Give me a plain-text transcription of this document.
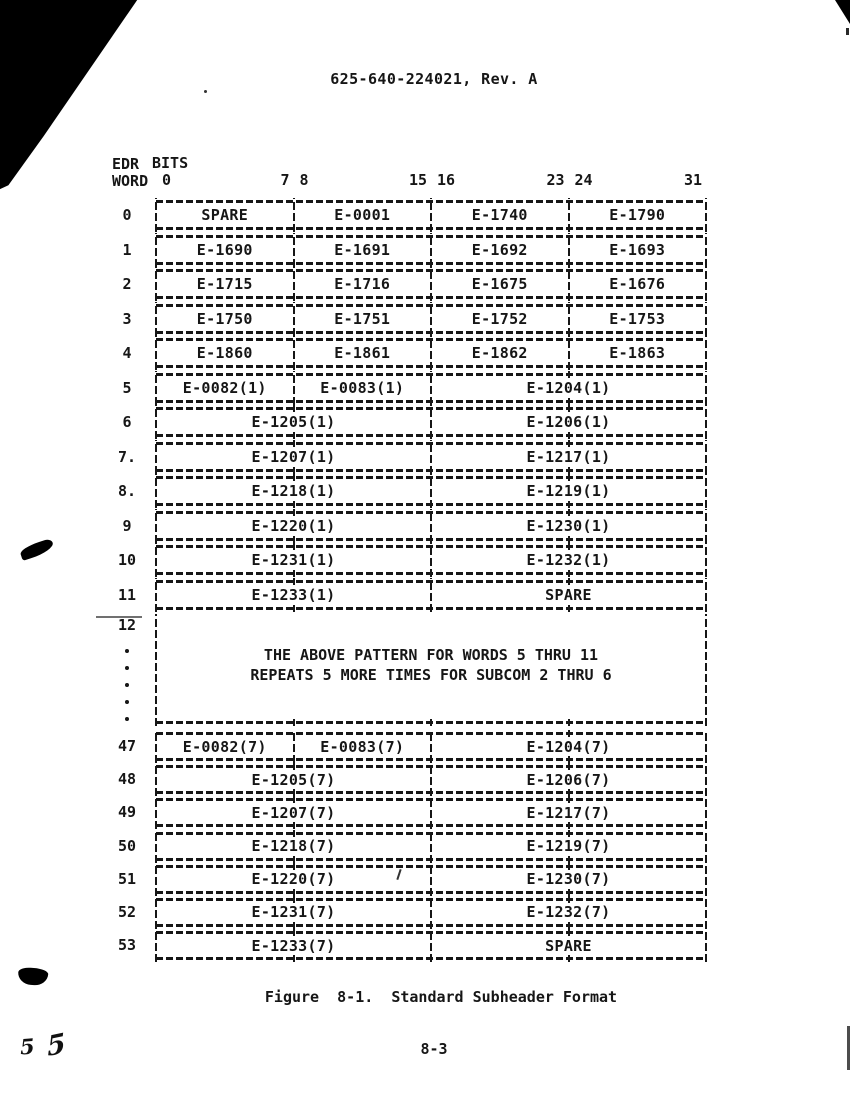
625-640-224021, Rev. A
EDR
WORD
BITS
0	7 8	15 16	23 24	31
0	SPARE	E-0001	E-1740	E-1790
1	E-1690	E-1691	E-1692	E-1693
2	E-1715	E-1716	E-1675	E-1676
3	E-1750	E-1751	E-1752	E-1753
4	E-1860	E-1861	E-1862	E-1863
5	E-0082(1)	E-0083(1)	E-1204(1)
6	E-1205(1)	E-1206(1)
7.	E-1207(1)	E-1217(1)
8.	E-1218(1)	E-1219(1)
9	E-1220(1)	E-1230(1)
10	E-1231(1)	E-1232(1)
11	E-1233(1)	SPARE
12
THE ABOVE PATTERN FOR WORDS 5 THRU 11
REPEATS 5 MORE TIMES FOR SUBCOM 2 THRU 6
47	E-0082(7)	E-0083(7)	E-1204(7)
48	E-1205(7)	E-1206(7)
49	E-1207(7)	E-1217(7)
50	E-1218(7)	E-1219(7)
51	E-1220(7)	E-1230(7)
52	E-1231(7)	E-1232(7)
53	E-1233(7)	SPARE
Figure  8-1.  Standard Subheader Format
8-3
5 5
